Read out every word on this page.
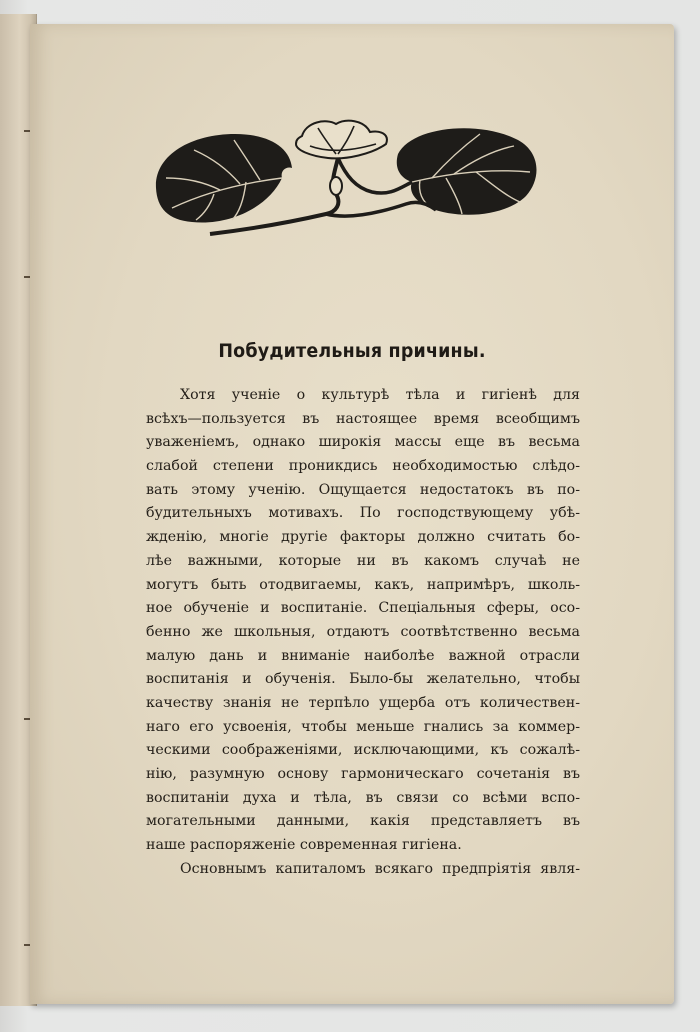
Побудительныя причины.
Хотя ученіе о культурѣ тѣла и гигіенѣ для
всѣхъ—пользуется въ настоящее время всеобщимъ
уваженіемъ, однако широкія массы еще въ весьма
слабой степени проникдись необходимостью слѣдо-
вать этому ученію. Ощущается недостатокъ въ по-
будительныхъ мотивахъ. По господствующему убѣ-
жденію, многіе другіе факторы должно считать бо-
лѣе важными, которые ни въ какомъ случаѣ не
могутъ быть отодвигаемы, какъ, напримѣръ, школь-
ное обученіе и воспитаніе. Спеціальныя сферы, осо-
бенно же школьныя, отдаютъ соотвѣтственно весьма
малую дань и вниманіе наиболѣе важной отрасли
воспитанія и обученія. Было-бы желательно, чтобы
качеству знанія не терпѣло ущерба отъ количествен-
наго его усвоенія, чтобы меньше гнались за коммер-
ческими соображеніями, исключающими, къ сожалѣ-
нію, разумную основу гармоническаго сочетанія въ
воспитаніи духа и тѣла, въ связи со всѣми вспо-
могательными данными, какія представляетъ въ
наше распоряженіе современная гигіена.
Основнымъ капиталомъ всякаго предпріятія явля-
